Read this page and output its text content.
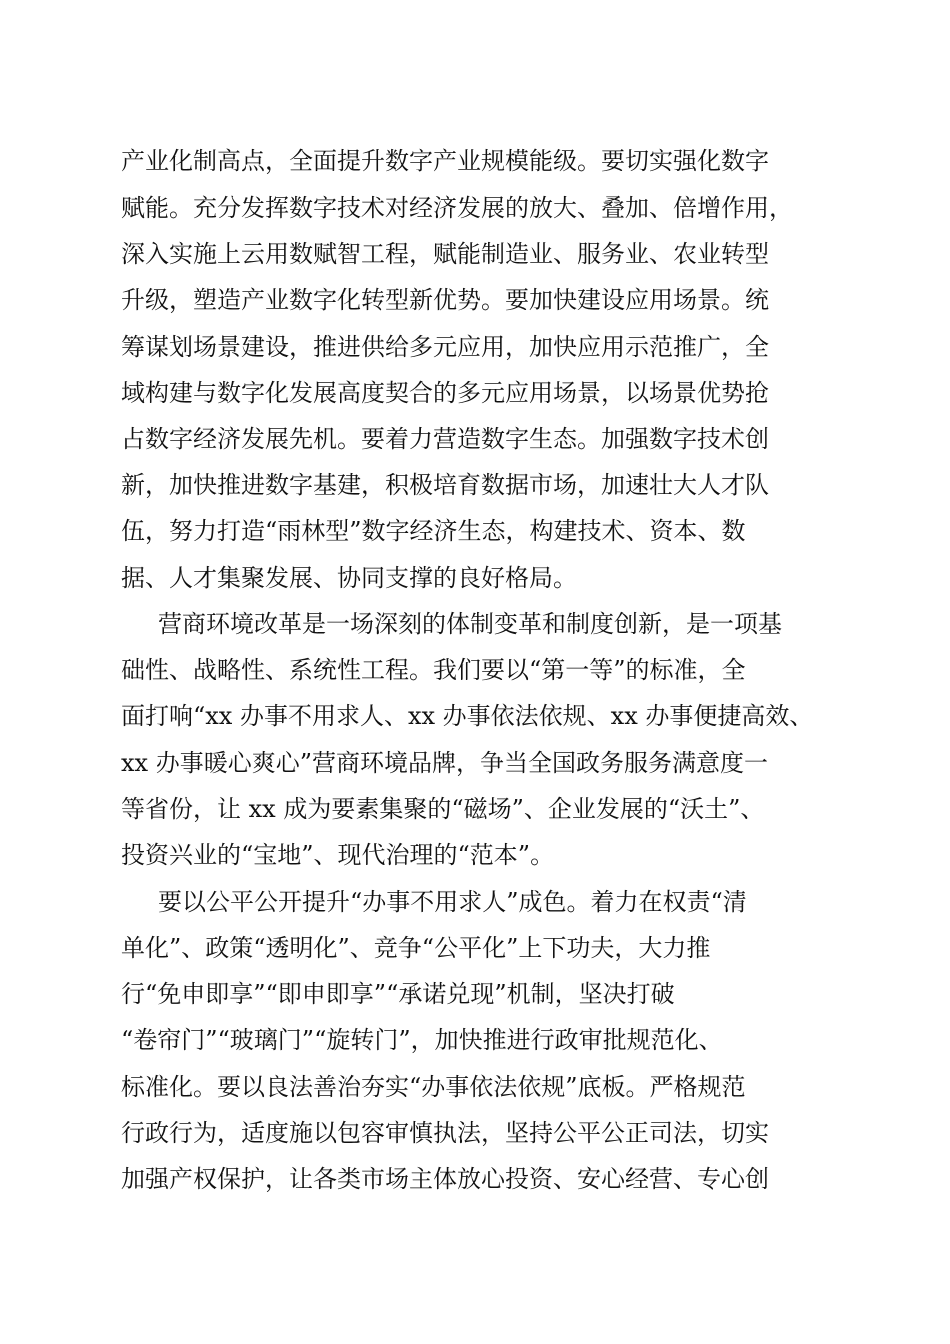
产业化制高点，全面提升数字产业规模能级。要切实强化数字
赋能。充分发挥数字技术对经济发展的放大、叠加、倍增作用，
深入实施上云用数赋智工程，赋能制造业、服务业、农业转型
升级，塑造产业数字化转型新优势。要加快建设应用场景。统
筹谋划场景建设，推进供给多元应用，加快应用示范推广，全
域构建与数字化发展高度契合的多元应用场景，以场景优势抢
占数字经济发展先机。要着力营造数字生态。加强数字技术创
新，加快推进数字基建，积极培育数据市场，加速壮大人才队
伍，努力打造“雨林型”数字经济生态，构建技术、资本、数
据、人才集聚发展、协同支撑的良好格局。
营商环境改革是一场深刻的体制变革和制度创新，是一项基
础性、战略性、系统性工程。我们要以“第一等”的标准，全
面打响“xx 办事不用求人、xx 办事依法依规、xx 办事便捷高效、
xx 办事暖心爽心”营商环境品牌，争当全国政务服务满意度一
等省份，让 xx 成为要素集聚的“磁场”、企业发展的“沃土”、
投资兴业的“宝地”、现代治理的“范本”。
要以公平公开提升“办事不用求人”成色。着力在权责“清
单化”、政策“透明化”、竞争“公平化”上下功夫，大力推
行“免申即享”“即申即享”“承诺兑现”机制，坚决打破
“卷帘门”“玻璃门”“旋转门”，加快推进行政审批规范化、
标准化。要以良法善治夯实“办事依法依规”底板。严格规范
行政行为，适度施以包容审慎执法，坚持公平公正司法，切实
加强产权保护，让各类市场主体放心投资、安心经营、专心创
